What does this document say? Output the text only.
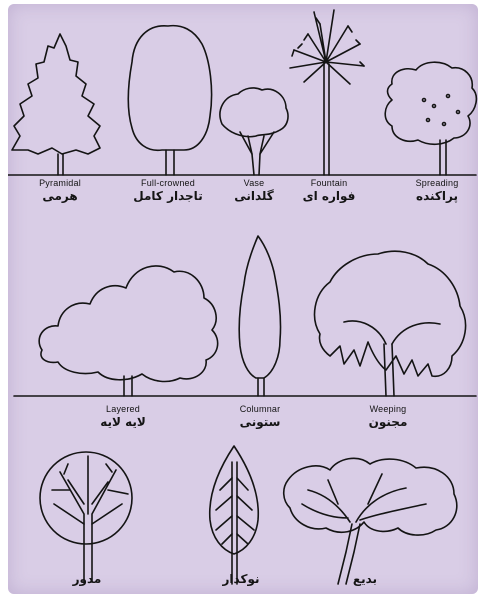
Pyramidal
هرمی
Full-crowned
تاجدار کامل
Vase
گلدانی
Fountain
فواره ای
Spreading
پراکنده
Layered
لایه لایه
Columnar
ستونی
Weeping
مجنون
مدور	نوکدار	بدیع
